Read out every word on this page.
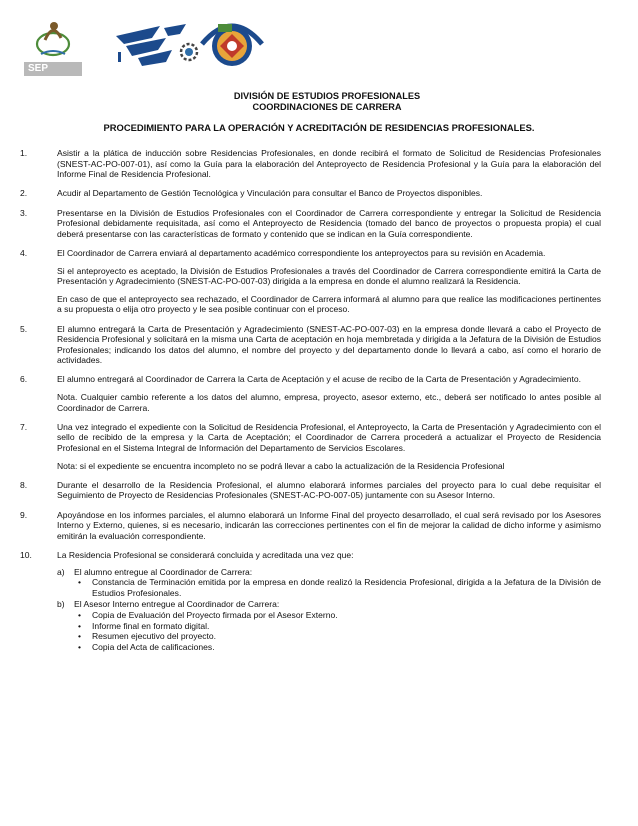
SEP
DIVISIÓN DE ESTUDIOS PROFESIONALES
COORDINACIONES DE CARRERA
PROCEDIMIENTO PARA LA OPERACIÓN Y ACREDITACIÓN DE RESIDENCIAS PROFESIONALES.
1.	Asistir a la plática de inducción sobre Residencias Profesionales, en donde recibirá el formato de Solicitud de Residencias Profesionales (SNEST-AC-PO-007-01), así como la Guía para la elaboración del Anteproyecto de Residencia Profesional y la Guía para la elaboración del Informe Final de Residencia Profesional.

2.	Acudir al Departamento de Gestión Tecnológica y Vinculación para consultar el Banco de Proyectos disponibles.

3.	Presentarse en la División de Estudios Profesionales con el Coordinador de Carrera correspondiente y entregar la Solicitud de Residencia Profesional debidamente requisitada, así como el Anteproyecto de Residencia (tomado del banco de proyectos o propuesta propia) el cual deberá presentarse con las características de formato y contenido que se indican en la Guía correspondiente.

4.	El Coordinador de Carrera enviará al departamento académico correspondiente los anteproyectos para su revisión en Academia.

Si el anteproyecto es aceptado, la División de Estudios Profesionales a través del Coordinador de Carrera correspondiente emitirá la Carta de Presentación y Agradecimiento (SNEST-AC-PO-007-03) dirigida a la empresa en donde el alumno realizará la Residencia.

En caso de que el anteproyecto sea rechazado, el Coordinador de Carrera informará al alumno para que realice las modificaciones pertinentes a su propuesta o elija otro proyecto y le sea posible continuar con el proceso.

5.	El alumno entregará la Carta de Presentación y Agradecimiento (SNEST-AC-PO-007-03) en la empresa donde llevará a cabo el Proyecto de Residencia Profesional y solicitará en la misma una Carta de aceptación en hoja membretada y dirigida a la Jefatura de la División de Estudios Profesionales; indicando los datos del alumno, el nombre del proyecto y del departamento donde lo llevará a cabo, así como el horario de actividades.

6.	El alumno entregará al Coordinador de Carrera la Carta de Aceptación y el acuse de recibo de la Carta de Presentación y Agradecimiento.

Nota. Cualquier cambio referente a los datos del alumno, empresa, proyecto, asesor externo, etc., deberá ser notificado lo antes posible al Coordinador de Carrera.

7.	Una vez integrado el expediente con la Solicitud de Residencia Profesional, el Anteproyecto, la Carta de Presentación y Agradecimiento con el sello de recibido de la empresa y la Carta de Aceptación; el Coordinador de Carrera procederá a actualizar el Proyecto de Residencia Profesional en el Sistema Integral de Información del Departamento de Servicios Escolares.

Nota: si el expediente se encuentra incompleto no se podrá llevar a cabo la actualización de la Residencia Profesional

8.	Durante el desarrollo de la Residencia Profesional, el alumno elaborará informes parciales del proyecto para lo cual debe requisitar el Seguimiento de Proyecto de Residencias Profesionales (SNEST-AC-PO-007-05) juntamente con su Asesor Interno.

9.	Apoyándose en los informes parciales, el alumno elaborará un Informe Final del proyecto desarrollado, el cual será revisado por los Asesores Interno y Externo, quienes, si es necesario, indicarán las correcciones pertinentes con el fin de mejorar la calidad de dicho informe y asimismo emitirán la evaluación correspondiente.

10.	La Residencia Profesional se considerará concluida y acreditada una vez que:

a) El alumno entregue al Coordinador de Carrera:

• Constancia de Terminación emitida por la empresa en donde realizó la Residencia Profesional, dirigida a la Jefatura de la División de Estudios Profesionales.

b) El Asesor Interno entregue al Coordinador de Carrera:

• Copia de Evaluación del Proyecto firmada por el Asesor Externo.

• Informe final en formato digital.

• Resumen ejecutivo del proyecto.

• Copia del Acta de calificaciones.
